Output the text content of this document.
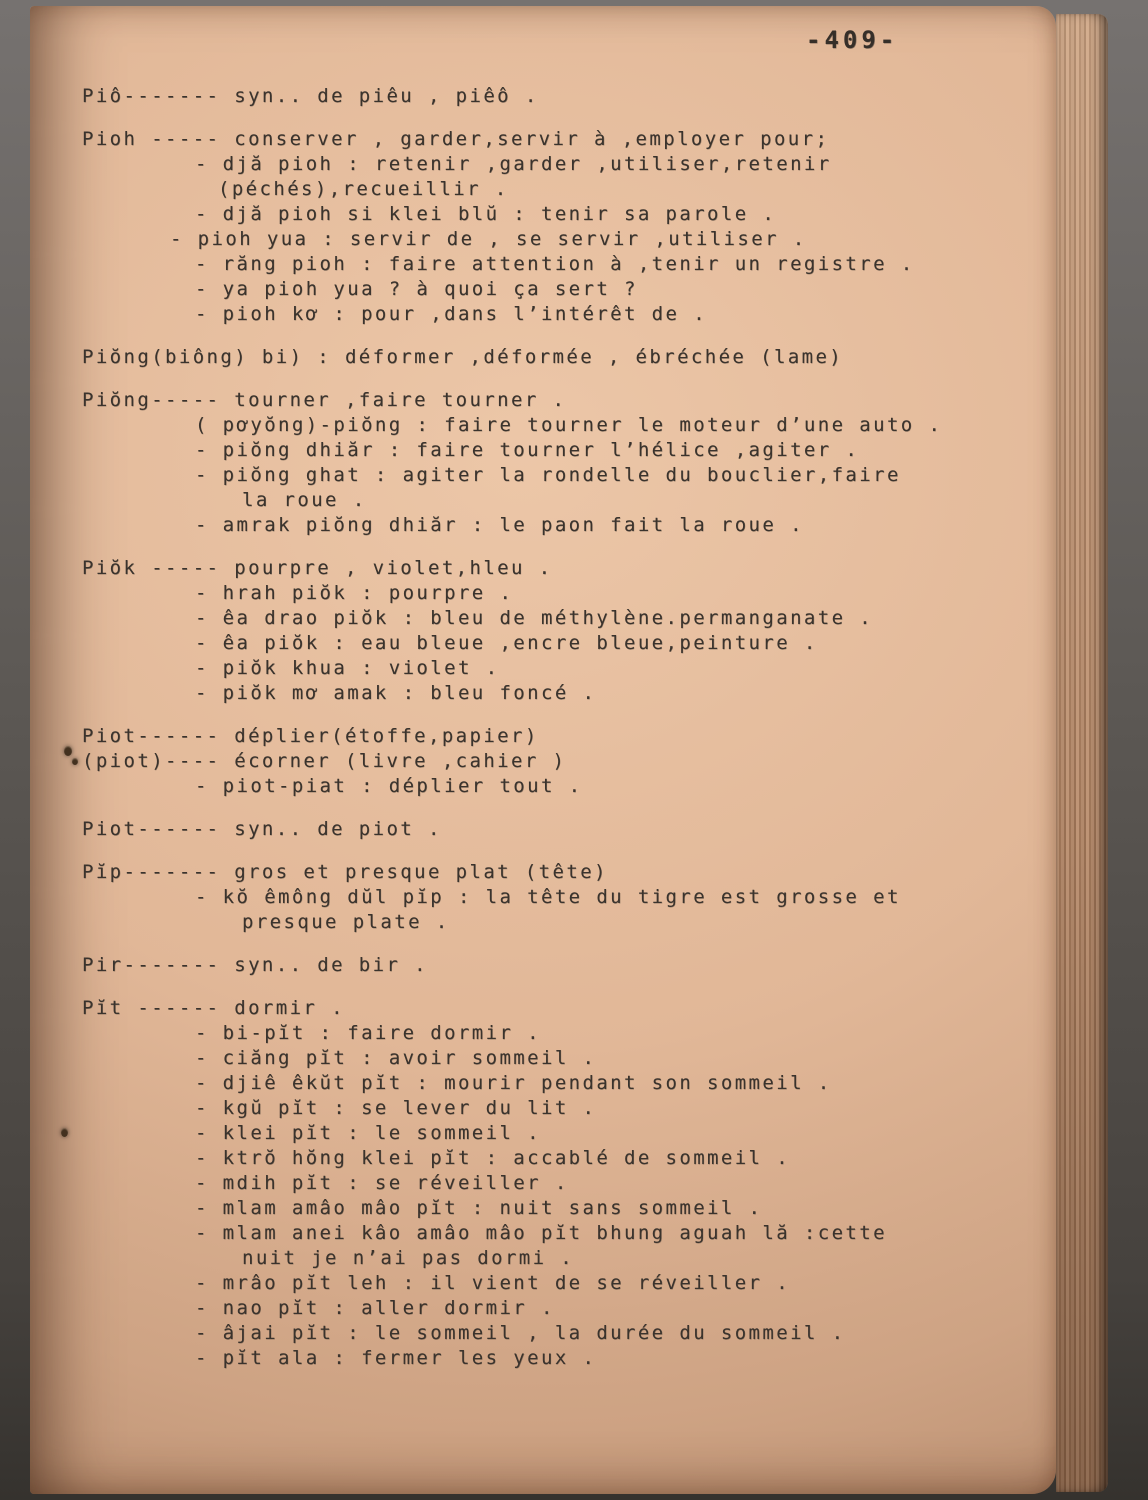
-409-
Piô------- syn.. de piêu , piêô .
Pioh ----- conserver , garder,servir à ,employer pour;
- djă pioh : retenir ,garder ,utiliser,retenir
(péchés),recueillir .
- djă pioh si klei blŭ : tenir sa parole .
- pioh yua : servir de , se servir ,utiliser .
- răng pioh : faire attention à ,tenir un registre .
- ya pioh yua ? à quoi ça sert ?
- pioh kơ : pour ,dans l’intérêt de .
Piŏng(biông) bi) : déformer ,déformée , ébréchée (lame)
Piŏng----- tourner ,faire tourner .
( pơyŏng)-piŏng : faire tourner le moteur d’une auto .
- piŏng dhiăr : faire tourner l’hélice ,agiter .
- piŏng ghat : agiter la rondelle du bouclier,faire
la roue .
- amrak piŏng dhiăr : le paon fait la roue .
Piŏk ----- pourpre , violet,hleu .
- hrah piŏk : pourpre .
- êa drao piŏk : bleu de méthylène.permanganate .
- êa piŏk : eau bleue ,encre bleue,peinture .
- piŏk khua : violet .
- piŏk mơ amak : bleu foncé .
Piot------ déplier(étoffe,papier)
(piot)---- écorner (livre ,cahier )
- piot-piat : déplier tout .
Piot------ syn.. de piot .
Pĭp------- gros et presque plat (tête)
- kŏ êmông dŭl pĭp : la tête du tigre est grosse et
presque plate .
Pir------- syn.. de bir .
Pĭt ------ dormir .
- bi-pĭt : faire dormir .
- ciăng pĭt : avoir sommeil .
- djiê êkŭt pĭt : mourir pendant son sommeil .
- kgŭ pĭt : se lever du lit .
- klei pĭt : le sommeil .
- ktrŏ hŏng klei pĭt : accablé de sommeil .
- mdih pĭt : se réveiller .
- mlam amâo mâo pĭt : nuit sans sommeil .
- mlam anei kâo amâo mâo pĭt bhung aguah lă :cette
nuit je n’ai pas dormi .
- mrâo pĭt leh : il vient de se réveiller .
- nao pĭt : aller dormir .
- âjai pĭt : le sommeil , la durée du sommeil .
- pĭt ala : fermer les yeux .
